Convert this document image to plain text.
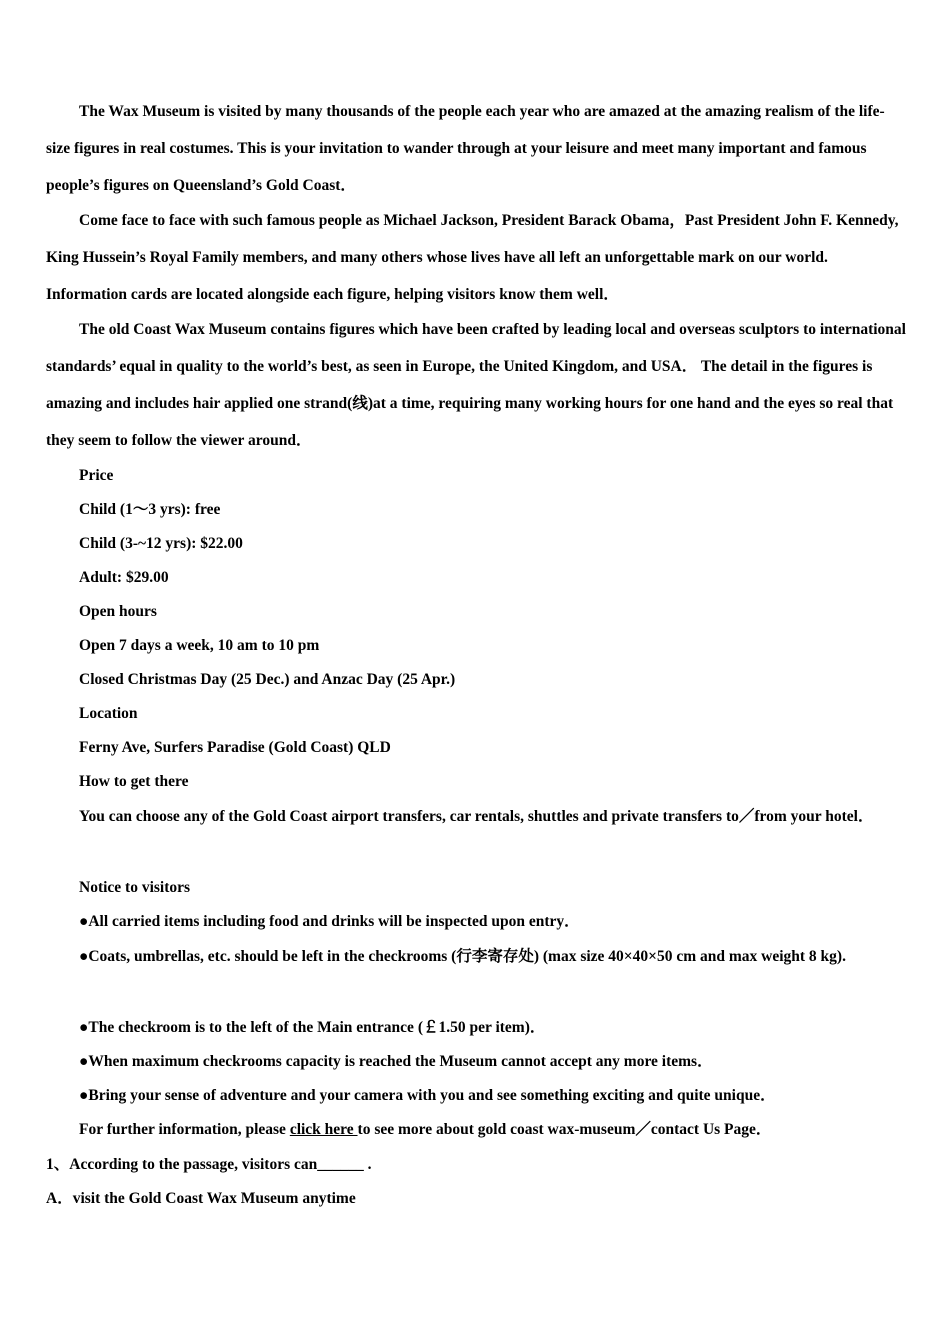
The Wax Museum is visited by many thousands of the people each year who are amazed at the amazing realism of the life-size figures in real costumes. This is your invitation to wander through at your leisure and meet many important and famous people’s figures on Queensland’s Gold Coast．

Come face to face with such famous people as Michael Jackson, President Barack Obama，Past President John F. Kennedy, King Hussein’s Royal Family members, and many others whose lives have all left an unforgettable mark on our world. Information cards are located alongside each figure, helping visitors know them well．

The old Coast Wax Museum contains figures which have been crafted by leading local and overseas sculptors to international standards’ equal in quality to the world’s best, as seen in Europe, the United Kingdom, and USA． The detail in the figures is amazing and includes hair applied one strand(线)at a time, requiring many working hours for one hand and the eyes so real that they seem to follow the viewer around．

Price

Child (1～3 yrs): free

Child (3-~12 yrs): $22.00

Adult: $29.00

Open hours

Open 7 days a week, 10 am to 10 pm

Closed Christmas Day (25 Dec.) and Anzac Day (25 Apr.)

Location

Ferny Ave, Surfers Paradise (Gold Coast) QLD

How to get there

You can choose any of the Gold Coast airport transfers, car rentals, shuttles and private transfers to／from your hotel．

Notice to visitors

●All carried items including food and drinks will be inspected upon entry．

●Coats, umbrellas, etc. should be left in the checkrooms (行李寄存处) (max size 40×40×50 cm and max weight 8 kg).

●The checkroom is to the left of the Main entrance (￡1.50 per item)．

●When maximum checkrooms capacity is reached the Museum cannot accept any more items．

●Bring your sense of adventure and your camera with you and see something exciting and quite unique．

For further information, please click here to see more about gold coast wax-museum／contact Us Page．

1、According to the passage, visitors can______ .

A．visit the Gold Coast Wax Museum anytime
